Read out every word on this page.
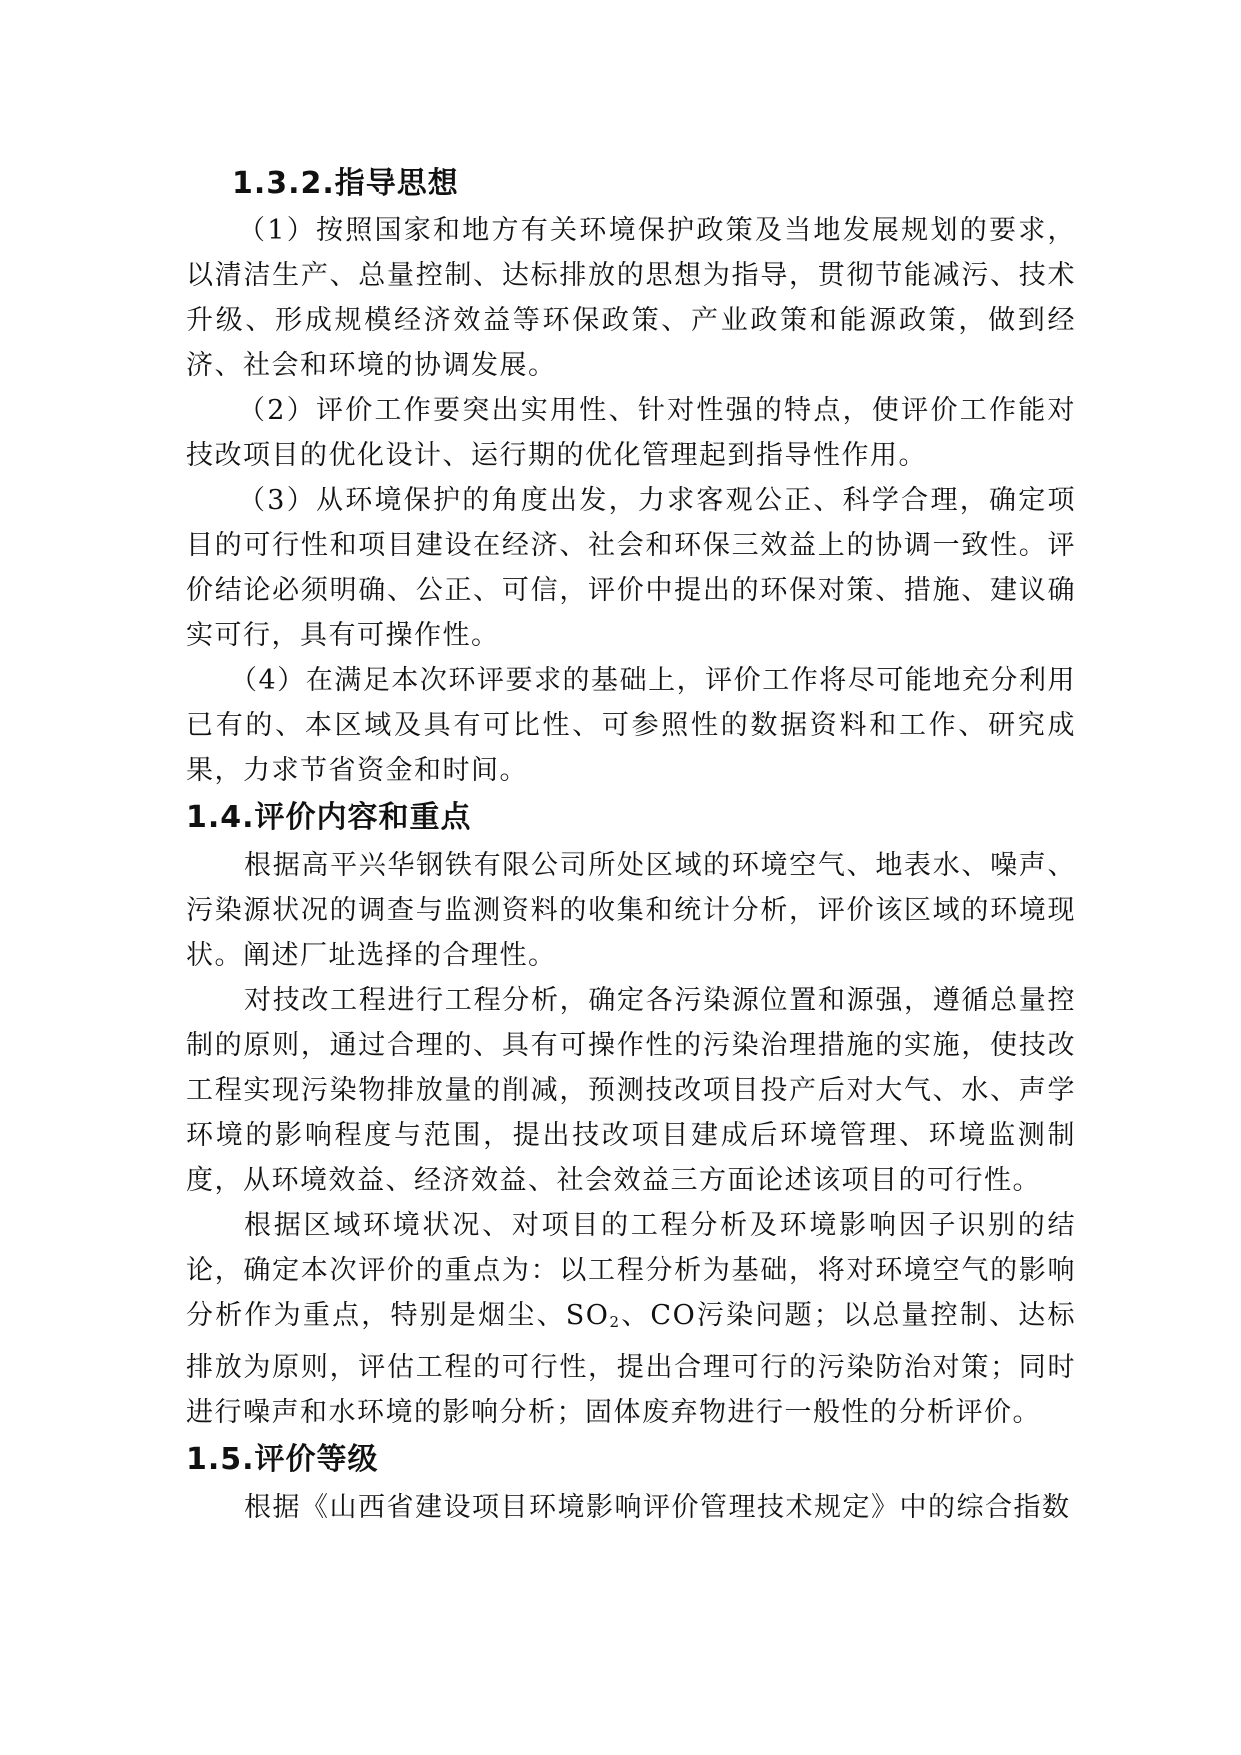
1.3.2.指导思想

（1）按照国家和地方有关环境保护政策及当地发展规划的要求，以清洁生产、总量控制、达标排放的思想为指导，贯彻节能减污、技术升级、形成规模经济效益等环保政策、产业政策和能源政策，做到经济、社会和环境的协调发展。

（2）评价工作要突出实用性、针对性强的特点，使评价工作能对技改项目的优化设计、运行期的优化管理起到指导性作用。

（3）从环境保护的角度出发，力求客观公正、科学合理，确定项目的可行性和项目建设在经济、社会和环保三效益上的协调一致性。评价结论必须明确、公正、可信，评价中提出的环保对策、措施、建议确实可行，具有可操作性。

（4）在满足本次环评要求的基础上，评价工作将尽可能地充分利用已有的、本区域及具有可比性、可参照性的数据资料和工作、研究成果，力求节省资金和时间。

1.4.评价内容和重点

根据高平兴华钢铁有限公司所处区域的环境空气、地表水、噪声、污染源状况的调查与监测资料的收集和统计分析，评价该区域的环境现状。阐述厂址选择的合理性。

对技改工程进行工程分析，确定各污染源位置和源强，遵循总量控制的原则，通过合理的、具有可操作性的污染治理措施的实施，使技改工程实现污染物排放量的削减，预测技改项目投产后对大气、水、声学环境的影响程度与范围，提出技改项目建成后环境管理、环境监测制度，从环境效益、经济效益、社会效益三方面论述该项目的可行性。

根据区域环境状况、对项目的工程分析及环境影响因子识别的结论，确定本次评价的重点为：以工程分析为基础，将对环境空气的影响分析作为重点，特别是烟尘、$SO_2$、CO污染问题；以总量控制、达标排放为原则，评估工程的可行性，提出合理可行的污染防治对策；同时进行噪声和水环境的影响分析；固体废弃物进行一般性的分析评价。

1.5.评价等级

根据《山西省建设项目环境影响评价管理技术规定》中的综合指数
